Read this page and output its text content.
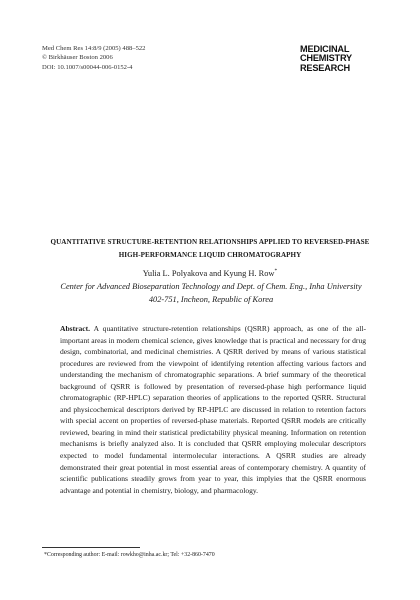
Med Chem Res 14:8/9 (2005) 488–522
© Birkhäuser Boston 2006
DOI: 10.1007/s00044-006-0152-4
MEDICINAL
CHEMISTRY
RESEARCH
QUANTITATIVE STRUCTURE-RETENTION RELATIONSHIPS APPLIED TO REVERSED-PHASE HIGH-PERFORMANCE LIQUID CHROMATOGRAPHY
Yulia L. Polyakova and Kyung H. Row*
Center for Advanced Bioseparation Technology and Dept. of Chem. Eng., Inha University 402-751, Incheon, Republic of Korea

Abstract. A quantitative structure-retention relationships (QSRR) approach, as one of the all-important areas in modern chemical science, gives knowledge that is practical and necessary for drug design, combinatorial, and medicinal chemistries. A QSRR derived by means of various statistical procedures are reviewed from the viewpoint of identifying retention affecting various factors and understanding the mechanism of chromatographic separations. A brief summary of the theoretical background of QSRR is followed by presentation of reversed-phase high performance liquid chromatographic (RP-HPLC) separation theories of applications to the reported QSRR. Structural and physicochemical descriptors derived by RP-HPLC are discussed in relation to retention factors with special accent on properties of reversed-phase materials. Reported QSRR models are critically reviewed, bearing in mind their statistical predictability physical meaning. Information on retention mechanisms is briefly analyzed also. It is concluded that QSRR employing molecular descriptors expected to model fundamental intermolecular interactions. A QSRR studies are already demonstrated their great potential in most essential areas of contemporary chemistry. A quantity of scientific publications steadily grows from year to year, this implyies that the QSRR enormous advantage and potential in chemistry, biology, and pharmacology.

*Corresponding author: E-mail: rowkho@inha.ac.kr; Tel: +32-860-7470
